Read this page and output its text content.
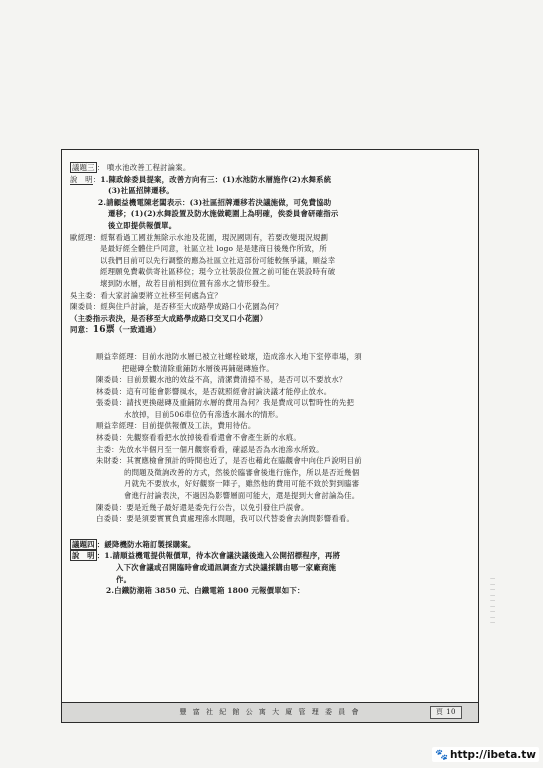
議題三 ： 噴水池改善工程討論案。
說　明：1.陳政餘委員提案，改善方向有三：(1)水池防水層施作(2)水舞系統
(3)社區招牌遷移。
2.請顧益機電陳老闆表示：(3)社區招牌遷移若決議施做，可免費協助
遷移；(1)(2)水舞設置及防水施做範圍上為明確，俟委員會研確指示
後立即提供報價單。
歐經理：經幫看過工國並無除示水池及花園，現況國則有，若要改變現況規劃
是最好經全體住戶同意，社區立社 logo 是是建商日後幾作所致，所
以我們目前可以先行調整的應為社區立社這部份可能較無爭議，順益幸
經理願免費載供寄社區移位；現今立社裝設位置之前可能在裝設時有破
壞到防水層，故若目前相到位置有滲水之情形發生。
吳主委：看大家討論要將立社移至何處為宜？
陳委員：經與住戶討論，是否移至大成路學成路口小花園為何？
（主委指示表決，是否移至大成路學成路口交叉口小花園）
同意：16票（一致通過）
順益幸經理：目前水池防水層已被立社螺栓破壞，造成滲水入地下室停車場，須
把磁磚全數清除重鋪防水層後再鋪磁磚施作。
陳委員：目前景觀水池的效益不高，清潔費清掃不易，是否可以不要放水？
林委員：這有可能會影響風水，是否就照經會討論決議才能停止放水。
張委員：請找更換磁磚及重鋪防水層的費用為何？我是費成可以暫時性的先把
水放掉，目前506車位仍有滲透水漏水的情形。
順益幸經理：目前提供報價及工法，費用待估。
林委員：先觀察看看把水放掉後看看還會不會產生新的水痕。
主委：先放水半個月至一個月觀察看看，確認是否為水池滲水所致。
朱財委：其實應檢會預計的時間也近了，是否也藉此在臨觀會中向住戶說明目前
的問題及徵詢改善的方式，然後於臨審會後進行施作，所以是否近幾個
月就先不要放水，好好觀察一陣子，雖然他的費用可能不致於對到臨審
會進行討論表決，不過因為影響層面可能大，還是提到大會討論為佳。
陳委員：要是近幾子最好還是委先行公告，以免引發住戶誤會。
白委員：要是須要實實負責處理滲水問題，我可以代替委會去詢問影響看看。
議題四 ：緩降機防水箱訂製採購案。
說　明 ：1.請順益機電提供報價單，待本次會議決議後進入公開招標程序，再將
入下次會議或召開臨時會或通訊調查方式決議採購由哪一家廠商施
作。
2.白鐵防潮箱 3850 元、白鐵電箱 1800 元報價單如下：
豐 富 社 紀 館 公 寓 大 廈 管 理 委 員 會	頁 10
｜｜｜｜｜｜｜｜｜
🐾 http://ibeta.tw
